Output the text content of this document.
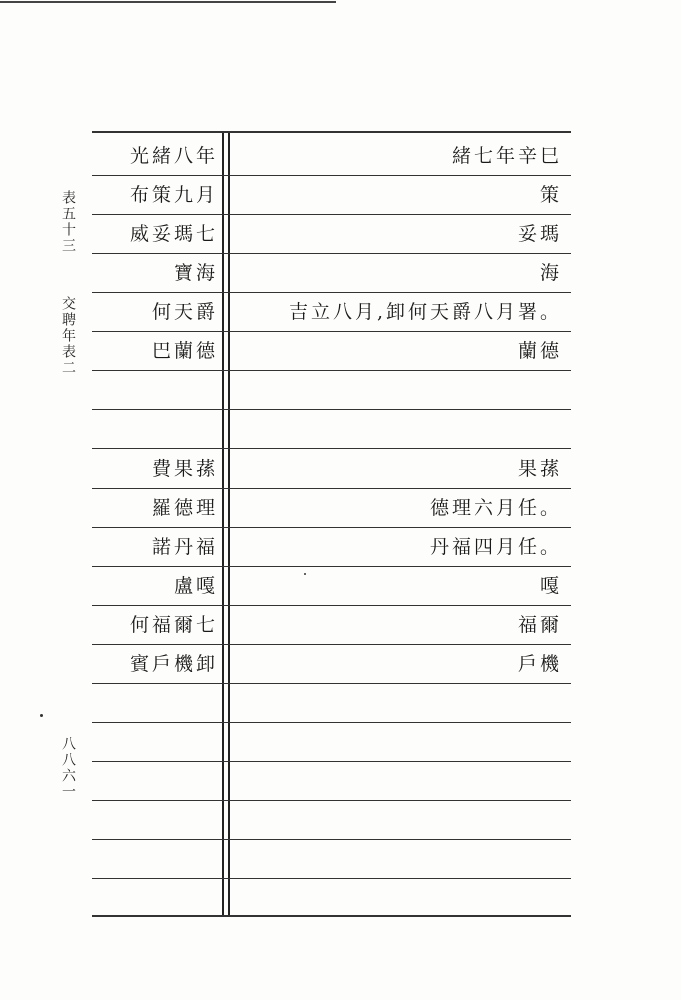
表五十三
交聘年表二
八八六一
光緒八年	緒七年辛巳
布策九月	策
威妥瑪七	妥瑪
寶海	海
何天爵	吉立八月,卸何天爵八月署。
巴蘭德	蘭德
費果蓀	果蓀
羅德理	德理六月任。
諾丹福	丹福四月任。
盧嘎	嘎
何福爾七	福爾
賓戶機卸	戶機
